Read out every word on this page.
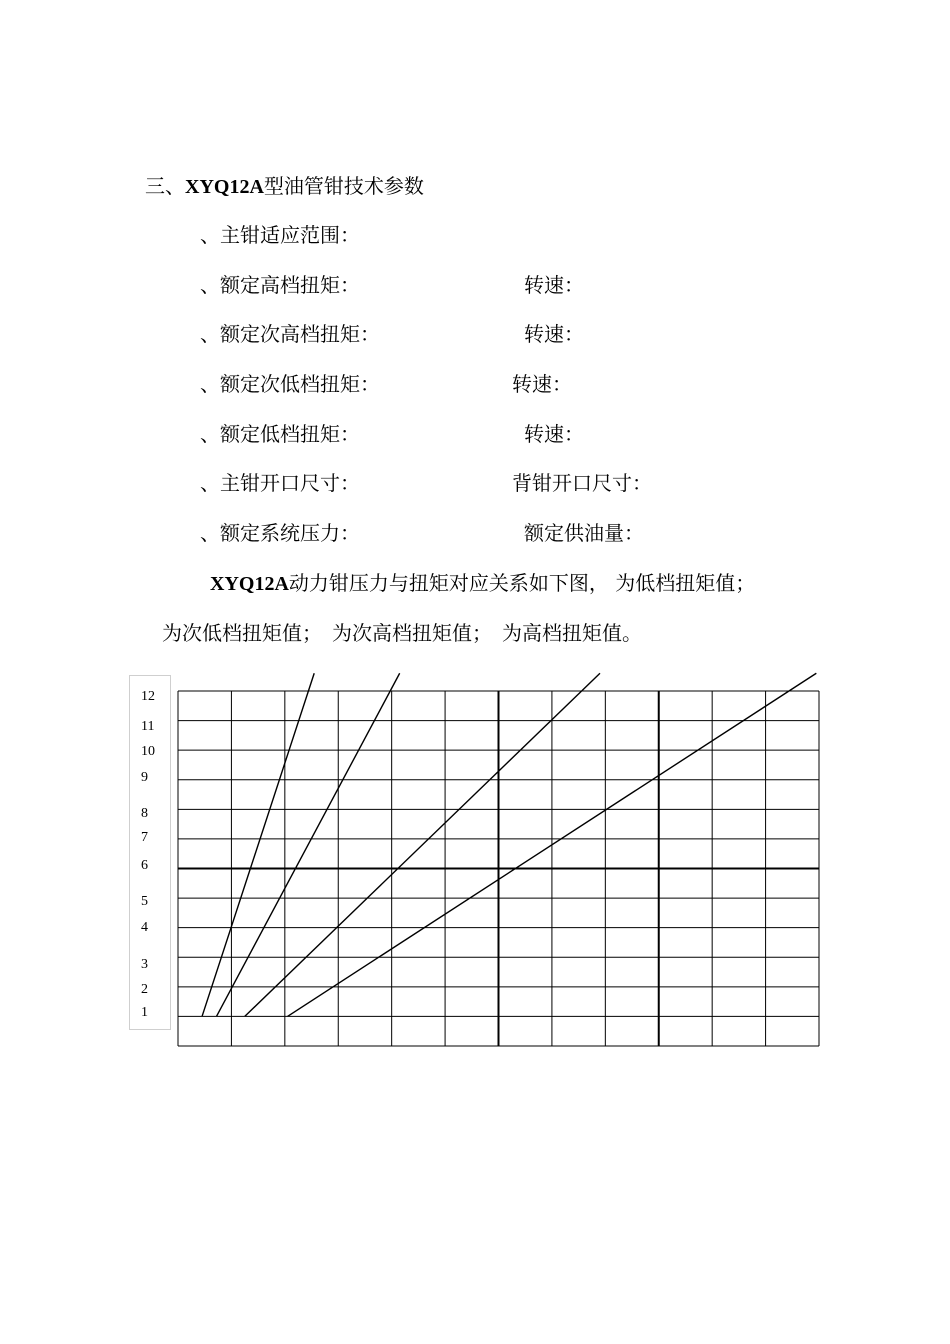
三、XYQ12A型油管钳技术参数
、主钳适应范围：
、额定高档扭矩：	转速：
、额定次高档扭矩：	转速：
、额定次低档扭矩：	转速：
、额定低档扭矩：	转速：
、主钳开口尺寸：	背钳开口尺寸：
、额定系统压力：	额定供油量：
XYQ12A动力钳压力与扭矩对应关系如下图， 为低档扭矩值；
为次低档扭矩值；　为次高档扭矩值；　为高档扭矩值。
12
11
10
9
8
7
6
5
4
3
2
1
